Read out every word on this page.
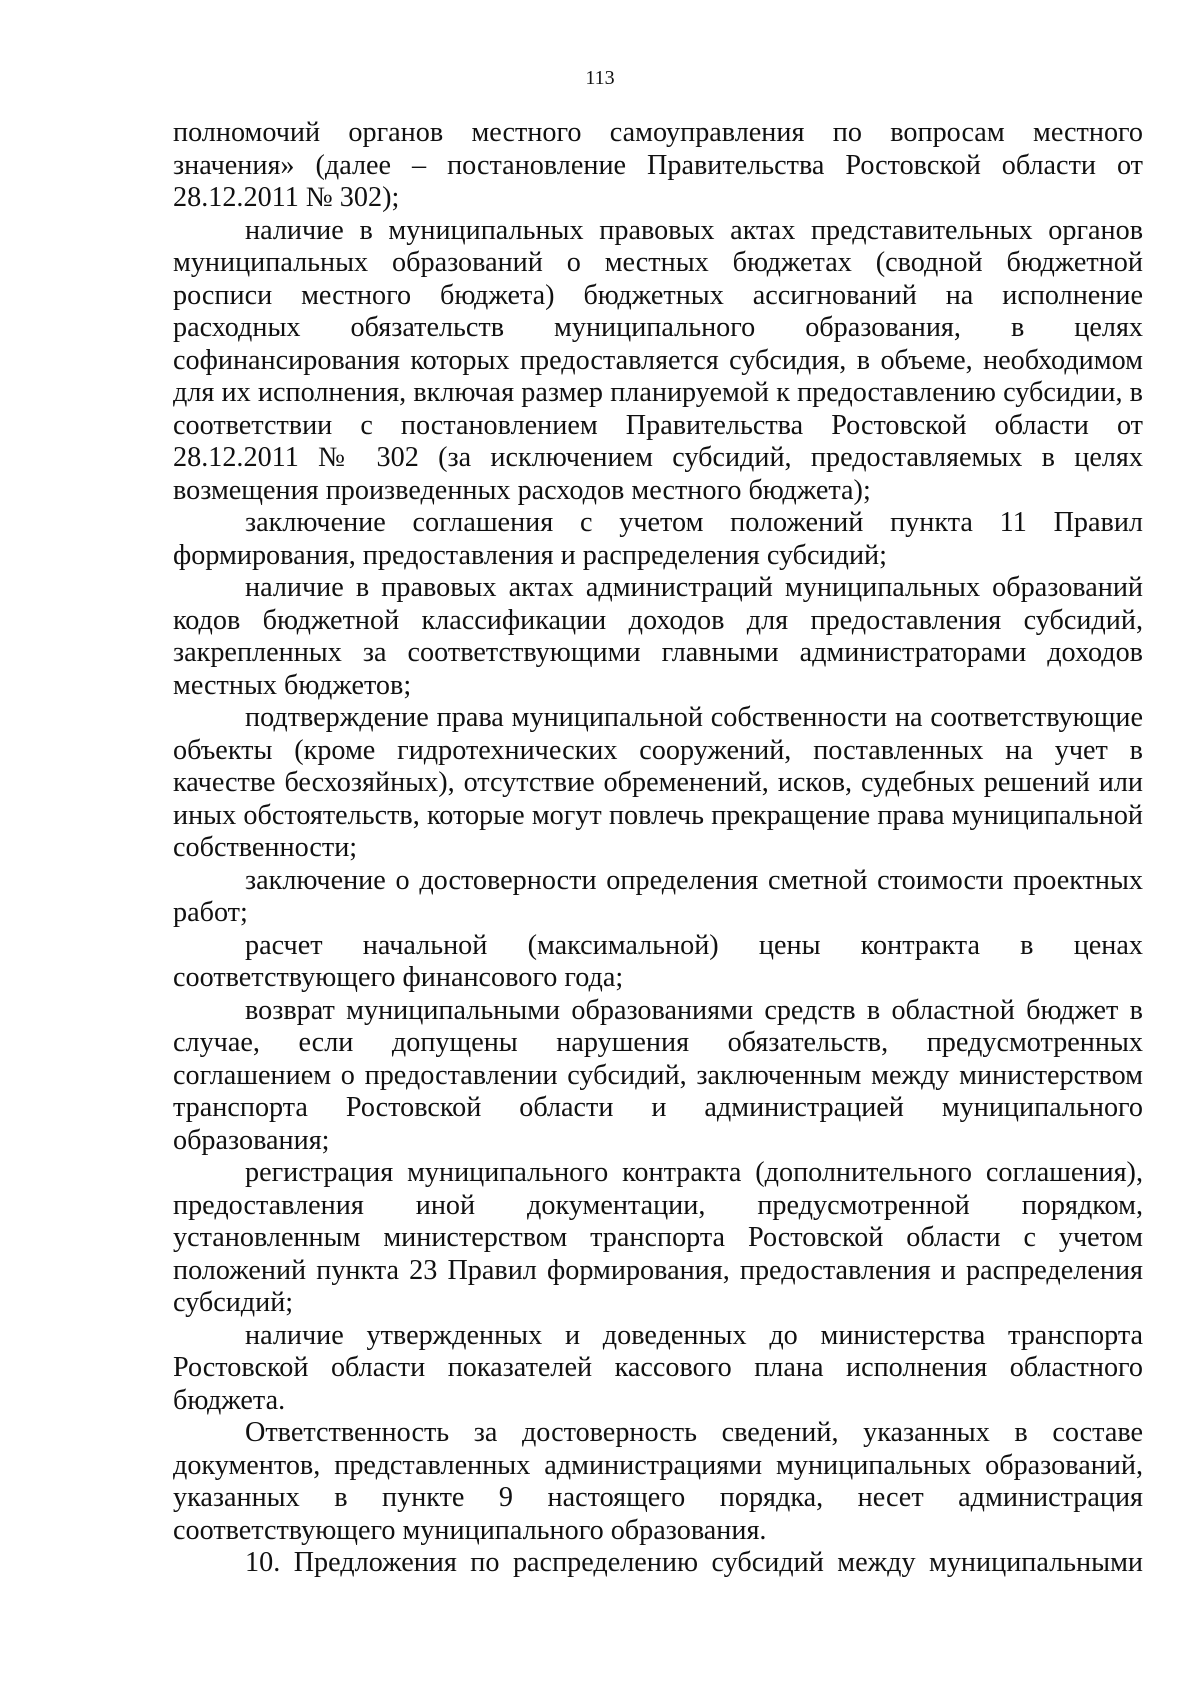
113

полномочий органов местного самоуправления по вопросам местного значения» (далее – постановление Правительства Ростовской области от 28.12.2011 № 302);

наличие в муниципальных правовых актах представительных органов муниципальных образований о местных бюджетах (сводной бюджетной росписи местного бюджета) бюджетных ассигнований на исполнение расходных обязательств муниципального образования, в целях софинансирования которых предоставляется субсидия, в объеме, необходимом для их исполнения, включая размер планируемой к предоставлению субсидии, в соответствии с постановлением Правительства Ростовской области от 28.12.2011 № 302 (за исключением субсидий, предоставляемых в целях возмещения произведенных расходов местного бюджета);

заключение соглашения с учетом положений пункта 11 Правил формирования, предоставления и распределения субсидий;

наличие в правовых актах администраций муниципальных образований кодов бюджетной классификации доходов для предоставления субсидий, закрепленных за соответствующими главными администраторами доходов местных бюджетов;

подтверждение права муниципальной собственности на соответствующие объекты (кроме гидротехнических сооружений, поставленных на учет в качестве бесхозяйных), отсутствие обременений, исков, судебных решений или иных обстоятельств, которые могут повлечь прекращение права муниципальной собственности;

заключение о достоверности определения сметной стоимости проектных работ;

расчет начальной (максимальной) цены контракта в ценах соответствующего финансового года;

возврат муниципальными образованиями средств в областной бюджет в случае, если допущены нарушения обязательств, предусмотренных соглашением о предоставлении субсидий, заключенным между министерством транспорта Ростовской области и администрацией муниципального образования;

регистрация муниципального контракта (дополнительного соглашения), предоставления иной документации, предусмотренной порядком, установленным министерством транспорта Ростовской области с учетом положений пункта 23 Правил формирования, предоставления и распределения субсидий;

наличие утвержденных и доведенных до министерства транспорта Ростовской области показателей кассового плана исполнения областного бюджета.

Ответственность за достоверность сведений, указанных в составе документов, представленных администрациями муниципальных образований, указанных в пункте 9 настоящего порядка, несет администрация соответствующего муниципального образования.

10. Предложения по распределению субсидий между муниципальными
